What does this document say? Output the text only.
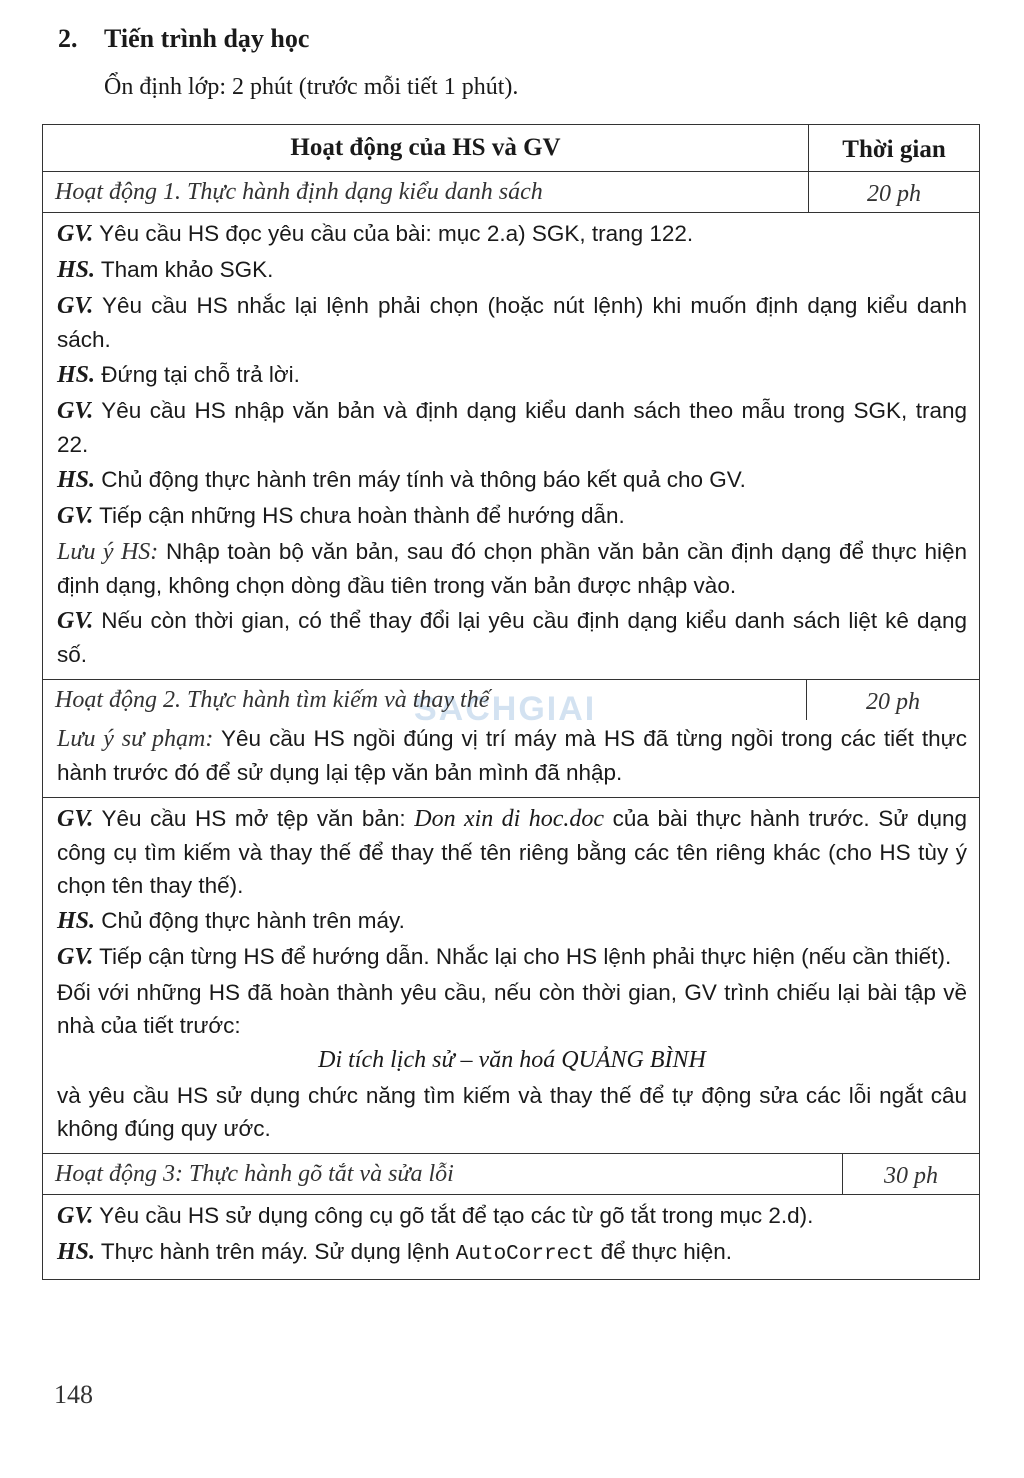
2. Tiến trình dạy học
Ổn định lớp: 2 phút (trước mỗi tiết 1 phút).
SACHGIAI
Hoạt động của HS và GV	Thời gian
Hoạt động 1. Thực hành định dạng kiểu danh sách	20 ph

GV. Yêu cầu HS đọc yêu cầu của bài: mục 2.a) SGK, trang 122.

HS. Tham khảo SGK.

GV. Yêu cầu HS nhắc lại lệnh phải chọn (hoặc nút lệnh) khi muốn định dạng kiểu danh sách.

HS. Đứng tại chỗ trả lời.

GV. Yêu cầu HS nhập văn bản và định dạng kiểu danh sách theo mẫu trong SGK, trang 22.

HS. Chủ động thực hành trên máy tính và thông báo kết quả cho GV.

GV. Tiếp cận những HS chưa hoàn thành để hướng dẫn.

Lưu ý HS: Nhập toàn bộ văn bản, sau đó chọn phần văn bản cần định dạng để thực hiện định dạng, không chọn dòng đầu tiên trong văn bản được nhập vào.

GV. Nếu còn thời gian, có thể thay đổi lại yêu cầu định dạng kiểu danh sách liệt kê dạng số.

Hoạt động 2. Thực hành tìm kiếm và thay thế	20 ph

Lưu ý sư phạm: Yêu cầu HS ngồi đúng vị trí máy mà HS đã từng ngồi trong các tiết thực hành trước đó để sử dụng lại tệp văn bản mình đã nhập.

GV. Yêu cầu HS mở tệp văn bản: Don xin di hoc.doc của bài thực hành trước. Sử dụng công cụ tìm kiếm và thay thế để thay thế tên riêng bằng các tên riêng khác (cho HS tùy ý chọn tên thay thế).

HS. Chủ động thực hành trên máy.

GV. Tiếp cận từng HS để hướng dẫn. Nhắc lại cho HS lệnh phải thực hiện (nếu cần thiết).

Đối với những HS đã hoàn thành yêu cầu, nếu còn thời gian, GV trình chiếu lại bài tập về nhà của tiết trước:

Di tích lịch sử – văn hoá QUẢNG BÌNH

và yêu cầu HS sử dụng chức năng tìm kiếm và thay thế để tự động sửa các lỗi ngắt câu không đúng quy ước.

Hoạt động 3: Thực hành gõ tắt và sửa lỗi	30 ph

GV. Yêu cầu HS sử dụng công cụ gõ tắt để tạo các từ gõ tắt trong mục 2.d).

HS. Thực hành trên máy. Sử dụng lệnh AutoCorrect để thực hiện.

148
